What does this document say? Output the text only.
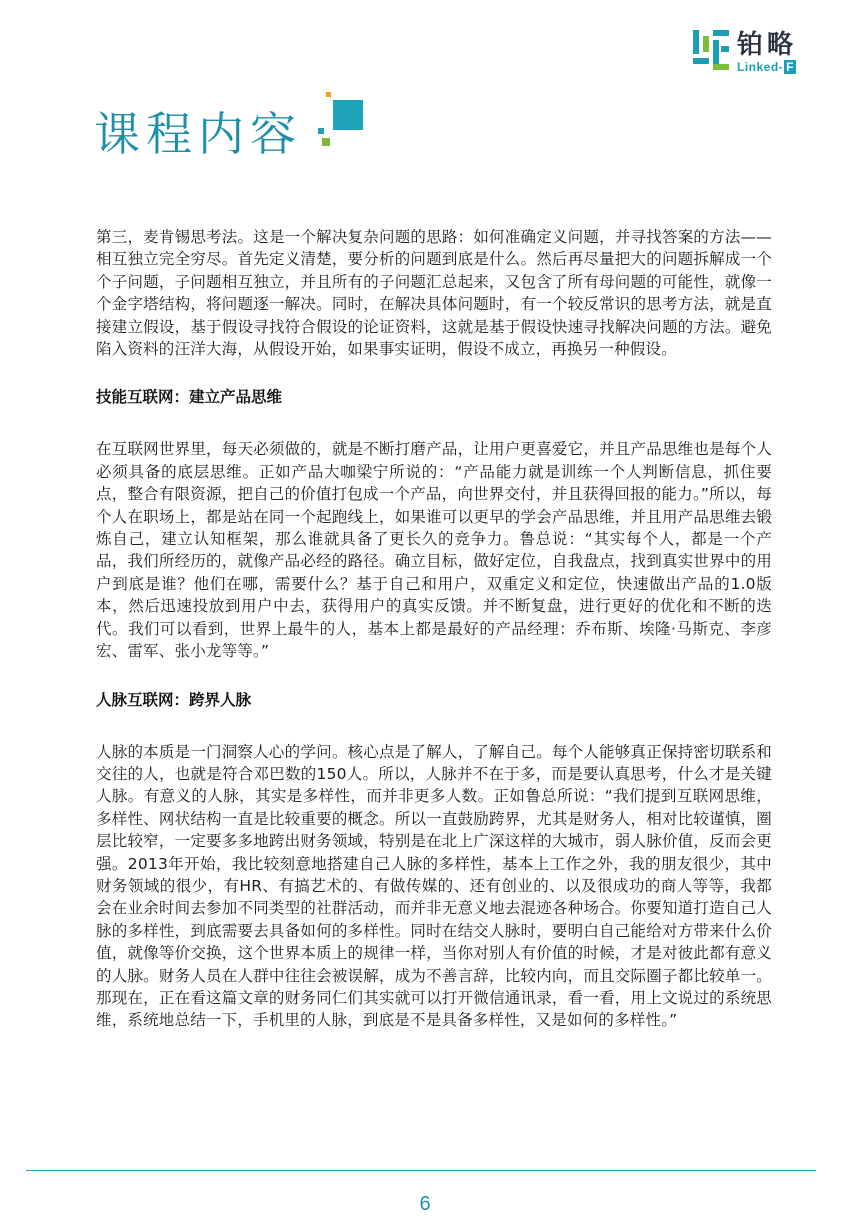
铂略
Linked- F
课程内容

第三，麦肯锡思考法。这是一个解决复杂问题的思路：如何准确定义问题，并寻找答案的方法——相互独立完全穷尽。首先定义清楚，要分析的问题到底是什么。然后再尽量把大的问题拆解成一个个子问题，子问题相互独立，并且所有的子问题汇总起来，又包含了所有母问题的可能性，就像一个金字塔结构，将问题逐一解决。同时，在解决具体问题时，有一个较反常识的思考方法，就是直接建立假设，基于假设寻找符合假设的论证资料，这就是基于假设快速寻找解决问题的方法。避免陷入资料的汪洋大海，从假设开始，如果事实证明，假设不成立，再换另一种假设。

技能互联网：建立产品思维

在互联网世界里，每天必须做的，就是不断打磨产品，让用户更喜爱它，并且产品思维也是每个人必须具备的底层思维。正如产品大咖梁宁所说的：“产品能力就是训练一个人判断信息，抓住要点，整合有限资源，把自己的价值打包成一个产品，向世界交付，并且获得回报的能力。”所以，每个人在职场上，都是站在同一个起跑线上，如果谁可以更早的学会产品思维，并且用产品思维去锻炼自己，建立认知框架，那么谁就具备了更长久的竞争力。鲁总说：“其实每个人，都是一个产品，我们所经历的，就像产品必经的路径。确立目标，做好定位，自我盘点，找到真实世界中的用户到底是谁？他们在哪，需要什么？基于自己和用户，双重定义和定位，快速做出产品的1.0版本，然后迅速投放到用户中去，获得用户的真实反馈。并不断复盘，进行更好的优化和不断的迭代。我们可以看到，世界上最牛的人，基本上都是最好的产品经理：乔布斯、埃隆·马斯克、李彦宏、雷军、张小龙等等。”

人脉互联网：跨界人脉

人脉的本质是一门洞察人心的学问。核心点是了解人，了解自己。每个人能够真正保持密切联系和交往的人，也就是符合邓巴数的150人。所以，人脉并不在于多，而是要认真思考，什么才是关键人脉。有意义的人脉，其实是多样性，而并非更多人数。正如鲁总所说：“我们提到互联网思维，多样性、网状结构一直是比较重要的概念。所以一直鼓励跨界，尤其是财务人，相对比较谨慎，圈层比较窄，一定要多多地跨出财务领域，特别是在北上广深这样的大城市，弱人脉价值，反而会更强。2013年开始，我比较刻意地搭建自己人脉的多样性，基本上工作之外，我的朋友很少，其中财务领域的很少，有HR、有搞艺术的、有做传媒的、还有创业的、以及很成功的商人等等，我都会在业余时间去参加不同类型的社群活动，而并非无意义地去混迹各种场合。你要知道打造自己人脉的多样性，到底需要去具备如何的多样性。同时在结交人脉时，要明白自己能给对方带来什么价值，就像等价交换，这个世界本质上的规律一样，当你对别人有价值的时候，才是对彼此都有意义的人脉。财务人员在人群中往往会被误解，成为不善言辞，比较内向，而且交际圈子都比较单一。那现在，正在看这篇文章的财务同仁们其实就可以打开微信通讯录，看一看，用上文说过的系统思维，系统地总结一下，手机里的人脉，到底是不是具备多样性，又是如何的多样性。”

6
